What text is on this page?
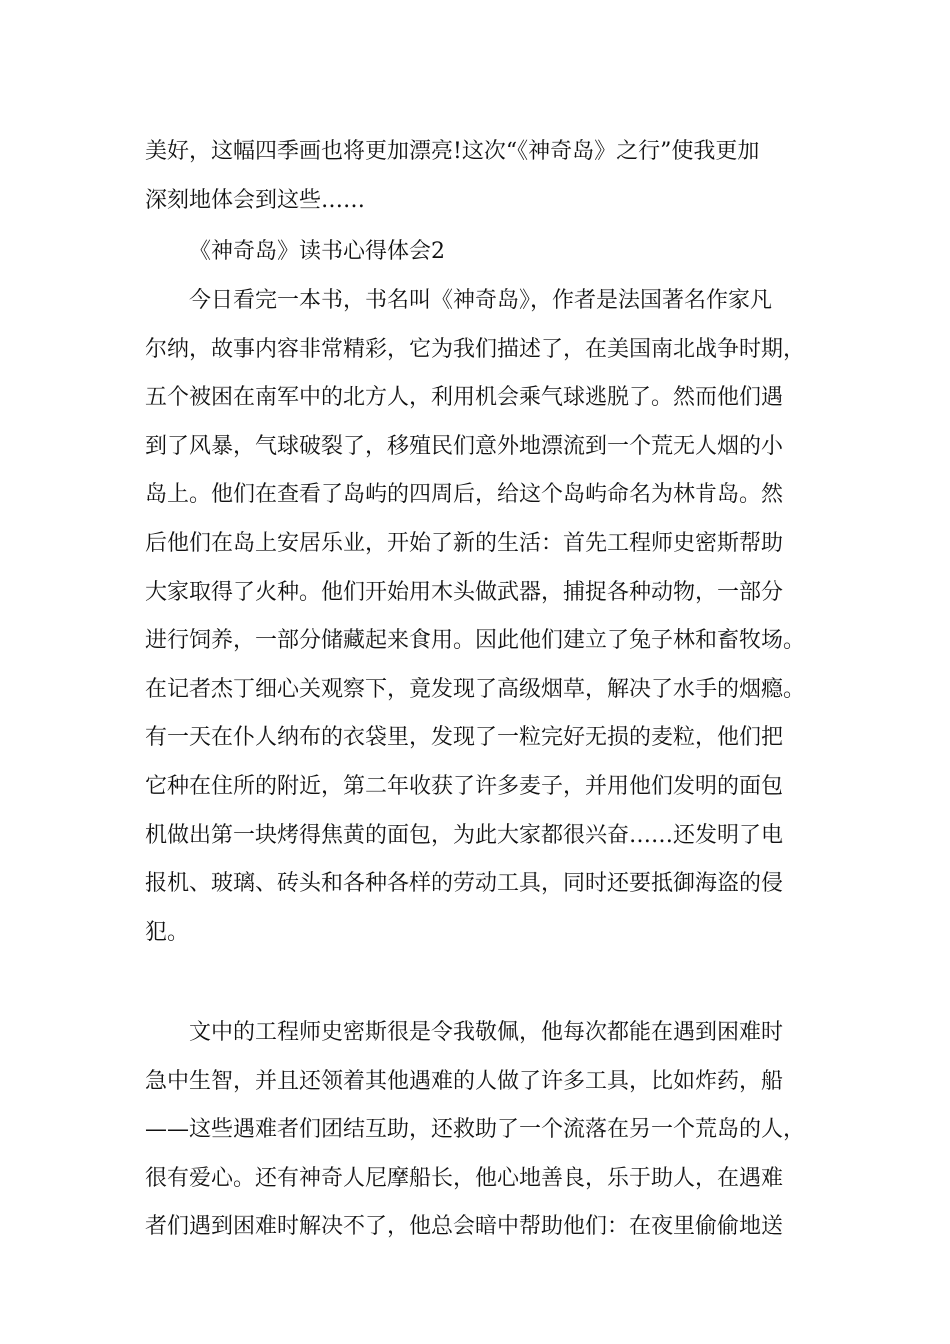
美好，这幅四季画也将更加漂亮!这次“《神奇岛》之行”使我更加
深刻地体会到这些……
《神奇岛》读书心得体会2
今日看完一本书，书名叫《神奇岛》，作者是法国著名作家凡
尔纳，故事内容非常精彩，它为我们描述了，在美国南北战争时期，
五个被困在南军中的北方人，利用机会乘气球逃脱了。然而他们遇
到了风暴，气球破裂了，移殖民们意外地漂流到一个荒无人烟的小
岛上。他们在查看了岛屿的四周后，给这个岛屿命名为林肯岛。然
后他们在岛上安居乐业，开始了新的生活：首先工程师史密斯帮助
大家取得了火种。他们开始用木头做武器，捕捉各种动物，一部分
进行饲养，一部分储藏起来食用。因此他们建立了兔子林和畜牧场。
在记者杰丁细心关观察下，竟发现了高级烟草，解决了水手的烟瘾。
有一天在仆人纳布的衣袋里，发现了一粒完好无损的麦粒，他们把
它种在住所的附近，第二年收获了许多麦子，并用他们发明的面包
机做出第一块烤得焦黄的面包，为此大家都很兴奋……还发明了电
报机、玻璃、砖头和各种各样的劳动工具，同时还要抵御海盗的侵
犯。
文中的工程师史密斯很是令我敬佩，他每次都能在遇到困难时
急中生智，并且还领着其他遇难的人做了许多工具，比如炸药，船
——这些遇难者们团结互助，还救助了一个流落在另一个荒岛的人，
很有爱心。还有神奇人尼摩船长，他心地善良，乐于助人，在遇难
者们遇到困难时解决不了，他总会暗中帮助他们：在夜里偷偷地送
